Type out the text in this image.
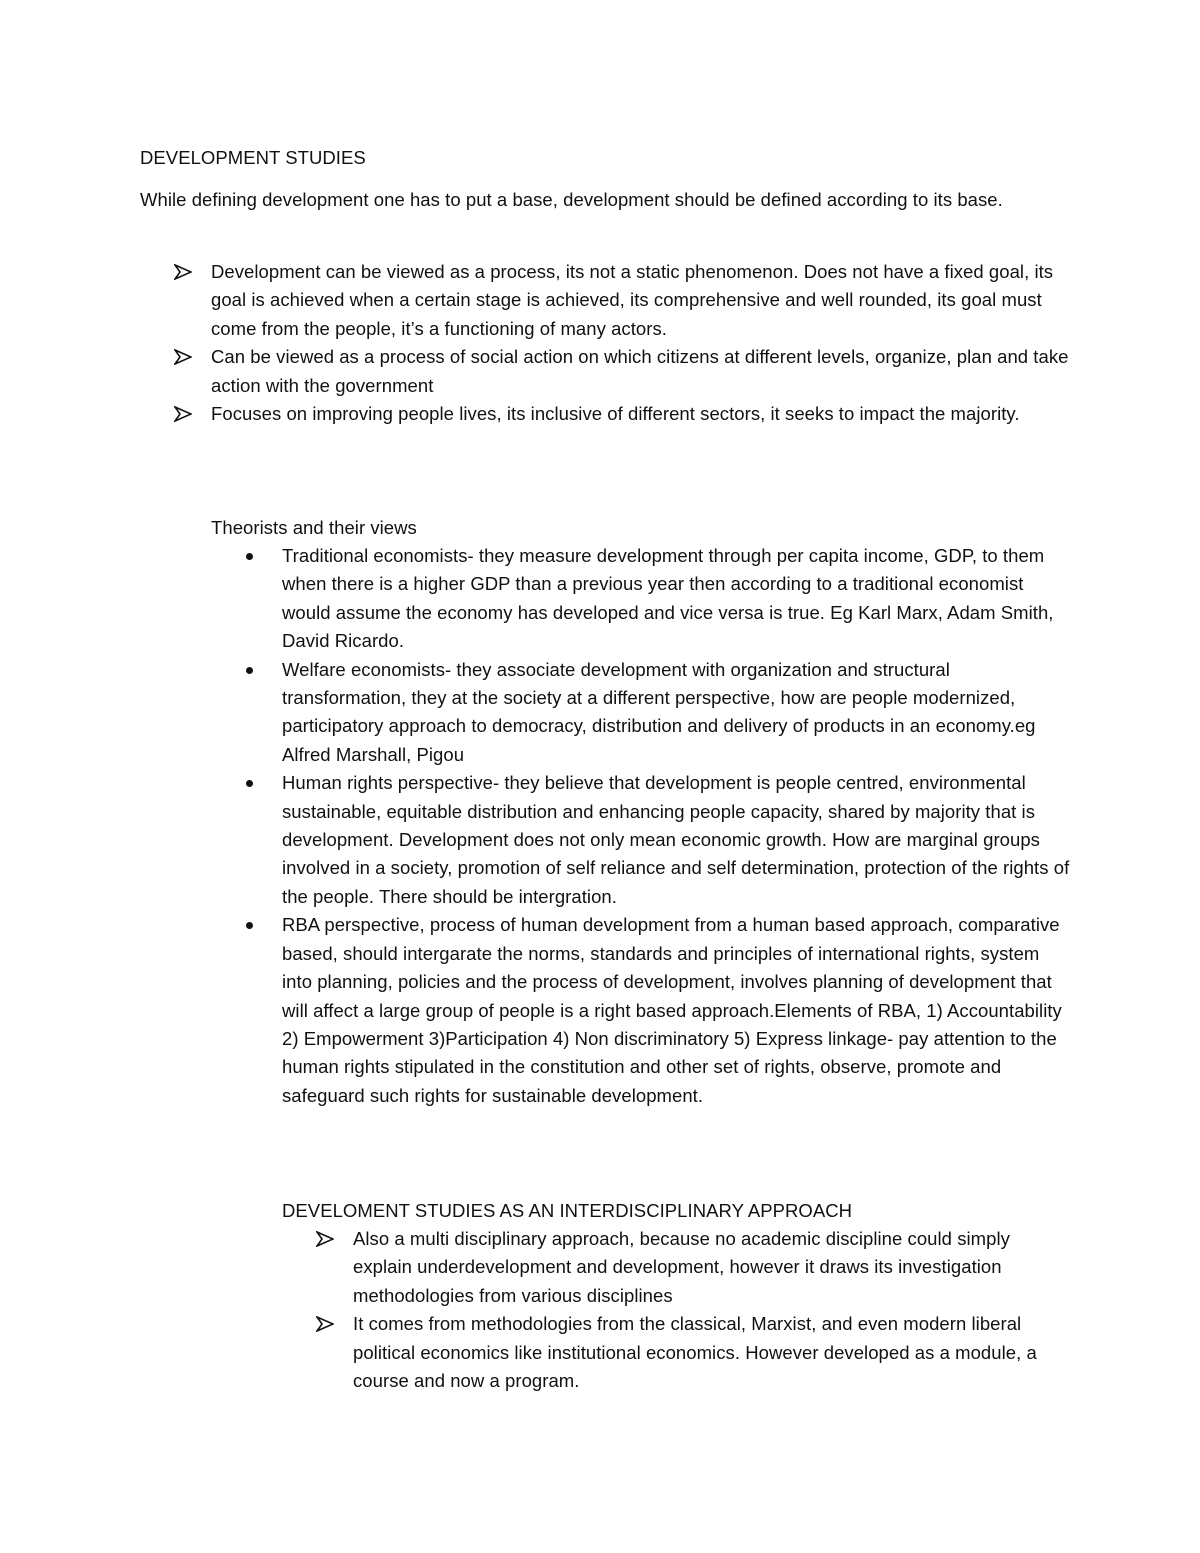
DEVELOPMENT STUDIES
While defining development one has to put a base, development should be defined according to its base.
Development can be viewed as a process, its not a static phenomenon. Does not have a fixed goal, its goal is achieved when a certain stage is achieved, its comprehensive and well rounded, its goal must come from the people, it’s a functioning of many actors.
Can be viewed as a process of social action on which citizens at different levels, organize, plan and take action with the government
Focuses on improving people lives, its inclusive of different sectors, it seeks to impact the majority.
Theorists and their views
Traditional economists- they measure development through per capita income, GDP, to them when there is a higher GDP than a previous year then according to a traditional economist would assume the economy has developed and vice versa is true. Eg Karl Marx, Adam Smith, David Ricardo.
Welfare economists- they associate development with organization and structural transformation, they at the society at a different perspective, how are people modernized, participatory approach to democracy, distribution and delivery of products in an economy.eg Alfred Marshall, Pigou
Human rights perspective- they believe that development is people centred, environmental sustainable, equitable distribution and enhancing people capacity, shared by majority that is development. Development does not only mean economic growth. How are marginal groups involved in a society, promotion of self reliance and self determination, protection of the rights of the people. There should be intergration.
RBA perspective, process of human development from a human based approach, comparative based, should intergarate the norms, standards and principles of international rights, system into planning, policies and the process of development, involves planning of development that will affect a large group of people is a right based approach.Elements of RBA, 1) Accountability 2) Empowerment 3)Participation 4) Non discriminatory 5) Express linkage- pay attention to the human rights stipulated in the constitution and other set of rights, observe, promote and safeguard such rights for sustainable development.
DEVELOMENT STUDIES AS AN INTERDISCIPLINARY APPROACH
Also a multi disciplinary approach, because no academic discipline could simply explain underdevelopment and development, however it draws its investigation methodologies from various disciplines
It comes from methodologies from the classical, Marxist, and even modern liberal political economics like institutional economics. However developed as a module, a course and now a program.
